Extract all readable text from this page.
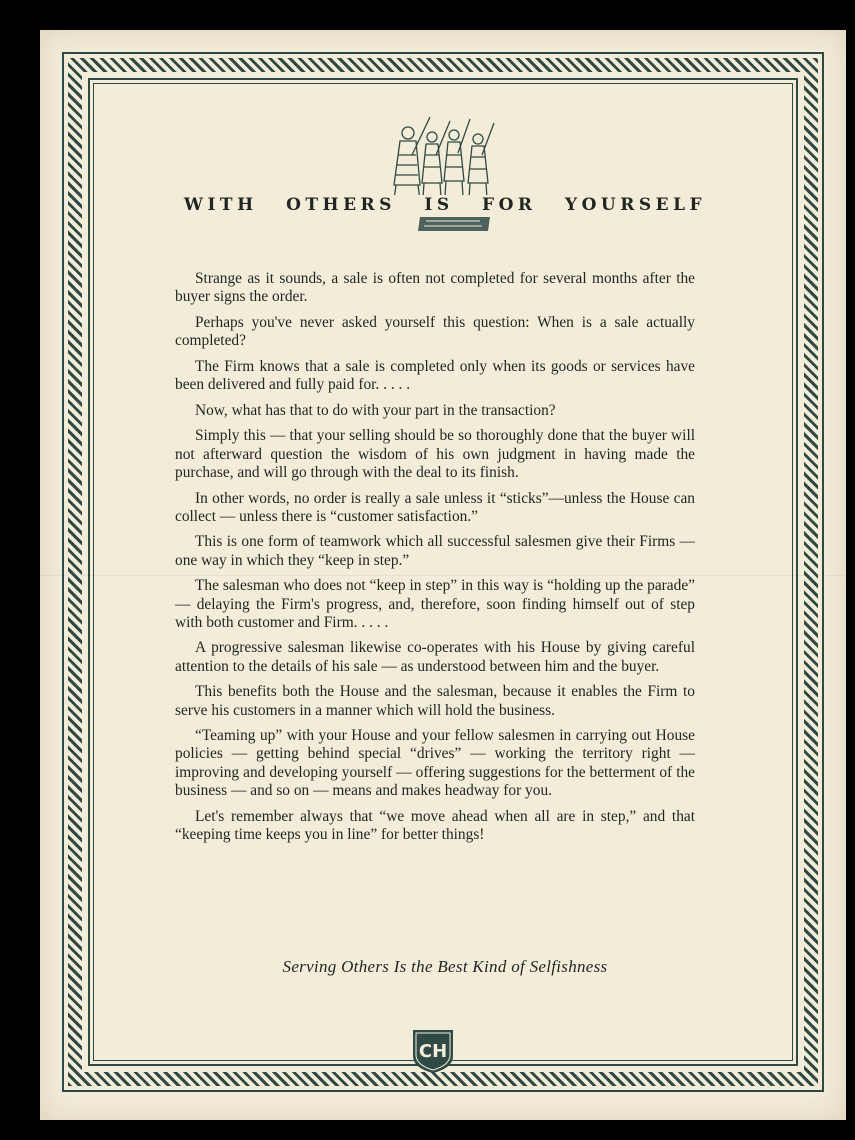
WITH OTHERS IS FOR YOURSELF

Strange as it sounds, a sale is often not completed for several months after the buyer signs the order.

Perhaps you've never asked yourself this question: When is a sale actually completed?

The Firm knows that a sale is completed only when its goods or services have been delivered and fully paid for. . . . .

Now, what has that to do with your part in the transaction?

Simply this — that your selling should be so thoroughly done that the buyer will not afterward question the wisdom of his own judgment in having made the purchase, and will go through with the deal to its finish.

In other words, no order is really a sale unless it “sticks”—unless the House can collect — unless there is “customer satisfaction.”

This is one form of teamwork which all successful salesmen give their Firms — one way in which they “keep in step.”

The salesman who does not “keep in step” in this way is “holding up the parade” — delaying the Firm's progress, and, therefore, soon finding himself out of step with both customer and Firm. . . . .

A progressive salesman likewise co-operates with his House by giving careful attention to the details of his sale — as understood between him and the buyer.

This benefits both the House and the salesman, because it enables the Firm to serve his customers in a manner which will hold the business.

“Teaming up” with your House and your fellow salesmen in carrying out House policies — getting behind special “drives” — working the territory right — improving and developing yourself — offering suggestions for the betterment of the business — and so on — means and makes headway for you.

Let's remember always that “we move ahead when all are in step,” and that “keeping time keeps you in line” for better things!

Serving Others Is the Best Kind of Selfishness
CH
